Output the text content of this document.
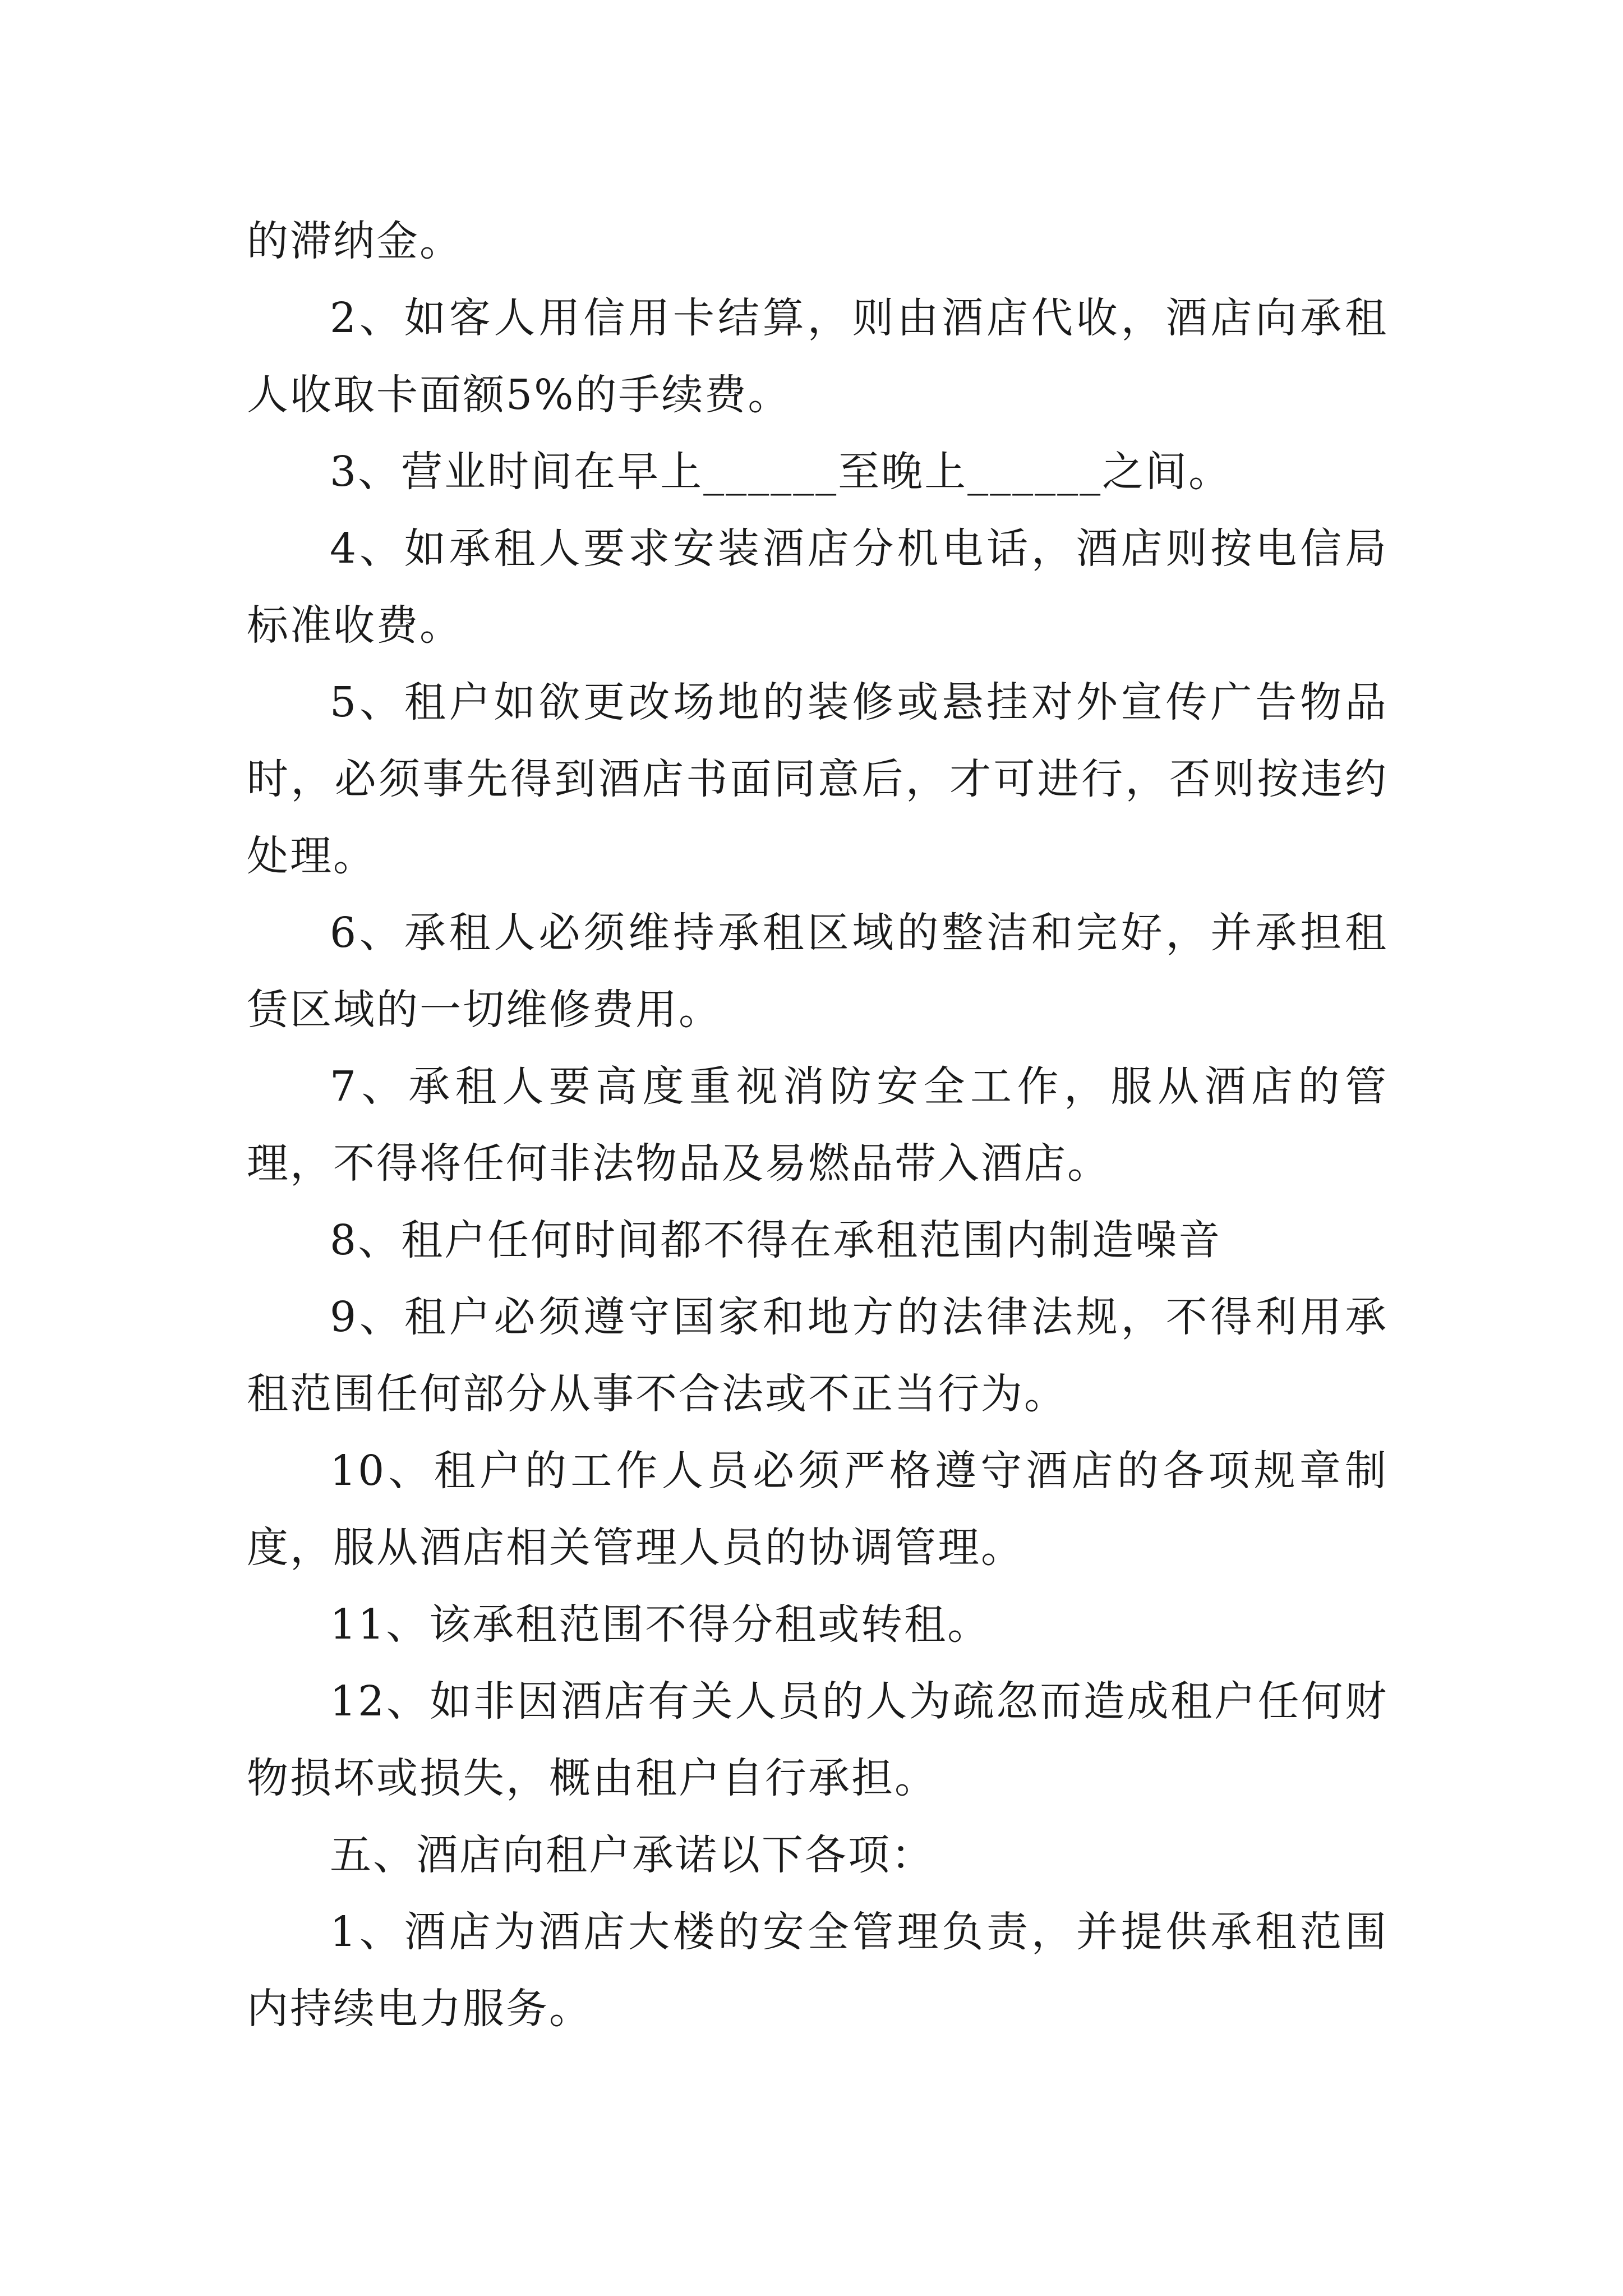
的滞纳金。

2、如客人用信用卡结算，则由酒店代收，酒店向承租人收取卡面额5%的手续费。

3、营业时间在早上______至晚上______之间。

4、如承租人要求安装酒店分机电话，酒店则按电信局标准收费。

5、租户如欲更改场地的装修或悬挂对外宣传广告物品时，必须事先得到酒店书面同意后，才可进行，否则按违约处理。

6、承租人必须维持承租区域的整洁和完好，并承担租赁区域的一切维修费用。

7、承租人要高度重视消防安全工作，服从酒店的管理，不得将任何非法物品及易燃品带入酒店。

8、租户任何时间都不得在承租范围内制造噪音

9、租户必须遵守国家和地方的法律法规，不得利用承租范围任何部分从事不合法或不正当行为。

10、租户的工作人员必须严格遵守酒店的各项规章制度，服从酒店相关管理人员的协调管理。

11、该承租范围不得分租或转租。

12、如非因酒店有关人员的人为疏忽而造成租户任何财物损坏或损失，概由租户自行承担。

五、酒店向租户承诺以下各项：

1、酒店为酒店大楼的安全管理负责，并提供承租范围内持续电力服务。
